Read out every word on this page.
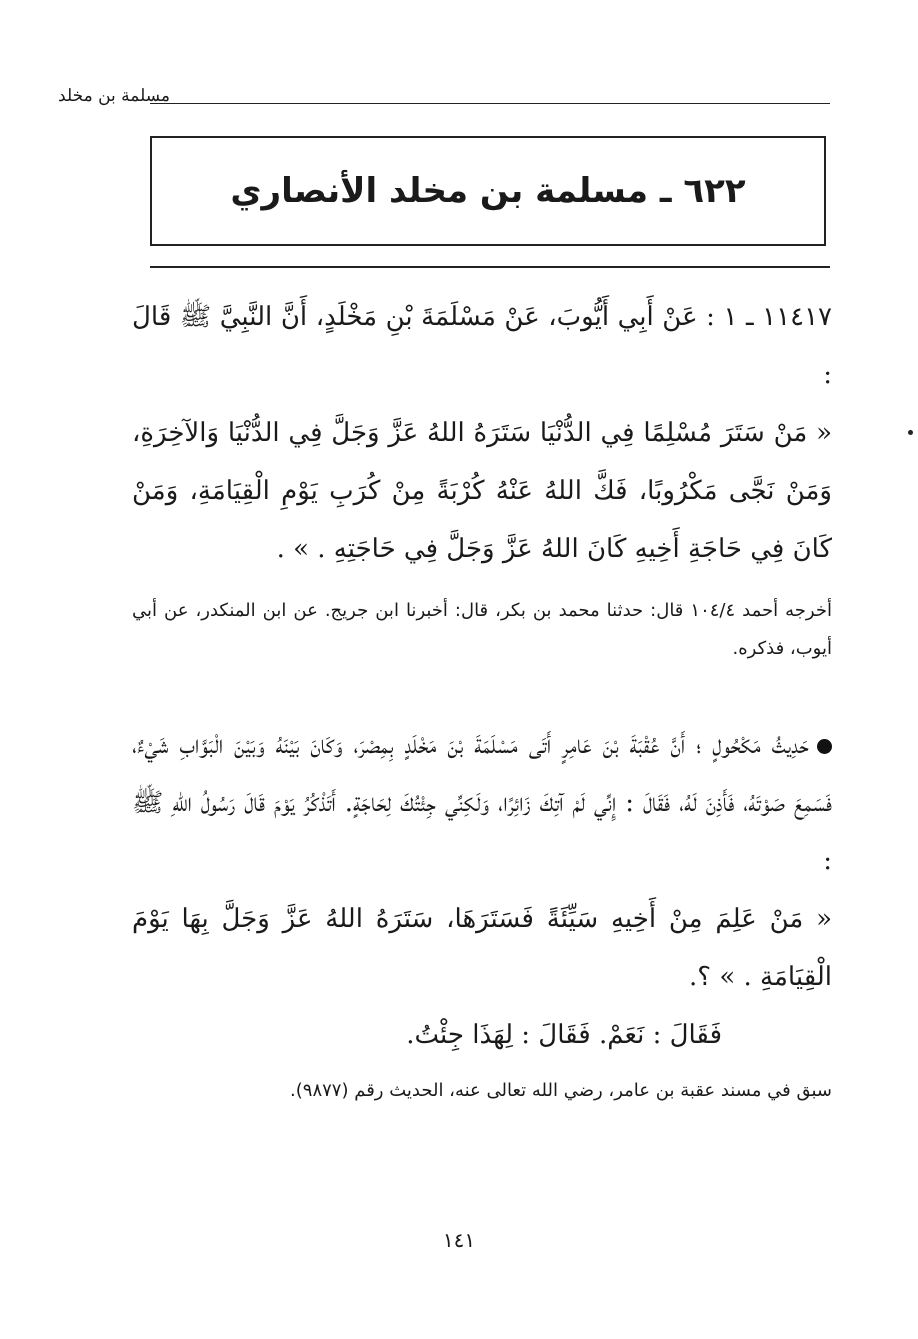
مسلمة بن مخلد
٦٢٢ ـ مسلمة بن مخلد الأنصاري

١١٤١٧ ـ ١ : عَنْ أَبِي أَيُّوبَ، عَنْ مَسْلَمَةَ بْنِ مَخْلَدٍ، أَنَّ النَّبِيَّ ﷺ قَالَ :

« مَنْ سَتَرَ مُسْلِمًا فِي الدُّنْيَا سَتَرَهُ اللهُ عَزَّ وَجَلَّ فِي الدُّنْيَا وَالآخِرَةِ، وَمَنْ نَجَّى مَكْرُوبًا، فَكَّ اللهُ عَنْهُ كُرْبَةً مِنْ كُرَبِ يَوْمِ الْقِيَامَةِ، وَمَنْ كَانَ فِي حَاجَةِ أَخِيهِ كَانَ اللهُ عَزَّ وَجَلَّ فِي حَاجَتِهِ . » .

أخرجه أحمد ١٠٤/٤ قال: حدثنا محمد بن بكر، قال: أخبرنا ابن جريج. عن ابن المنكدر، عن أبي أيوب، فذكره.

حَدِيثُ مَكْحُولٍ ؛ أَنَّ عُقْبَةَ بْنَ عَامِرٍ أَتَى مَسْلَمَةَ بْنَ مَخْلَدٍ بِمِصْرَ، وَكَانَ بَيْنَهُ وَبَيْنَ الْبَوَّابِ شَيْءٌ، فَسَمِعَ صَوْتَهُ، فَأَذِنَ لَهُ، فَقَالَ : إِنِّي لَمْ آتِكَ زَائِرًا، وَلَكِنِّي جِئْتُكَ لِحَاجَةٍ. أَتَذْكُرُ يَوْمَ قَالَ رَسُولُ اللهِ ﷺ :

« مَنْ عَلِمَ مِنْ أَخِيهِ سَيِّئَةً فَسَتَرَهَا، سَتَرَهُ اللهُ عَزَّ وَجَلَّ بِهَا يَوْمَ الْقِيَامَةِ . » ؟.

فَقَالَ : نَعَمْ. فَقَالَ : لِهَذَا جِئْتُ.

سبق في مسند عقبة بن عامر، رضي الله تعالى عنه، الحديث رقم (٩٨٧٧).

١٤١
